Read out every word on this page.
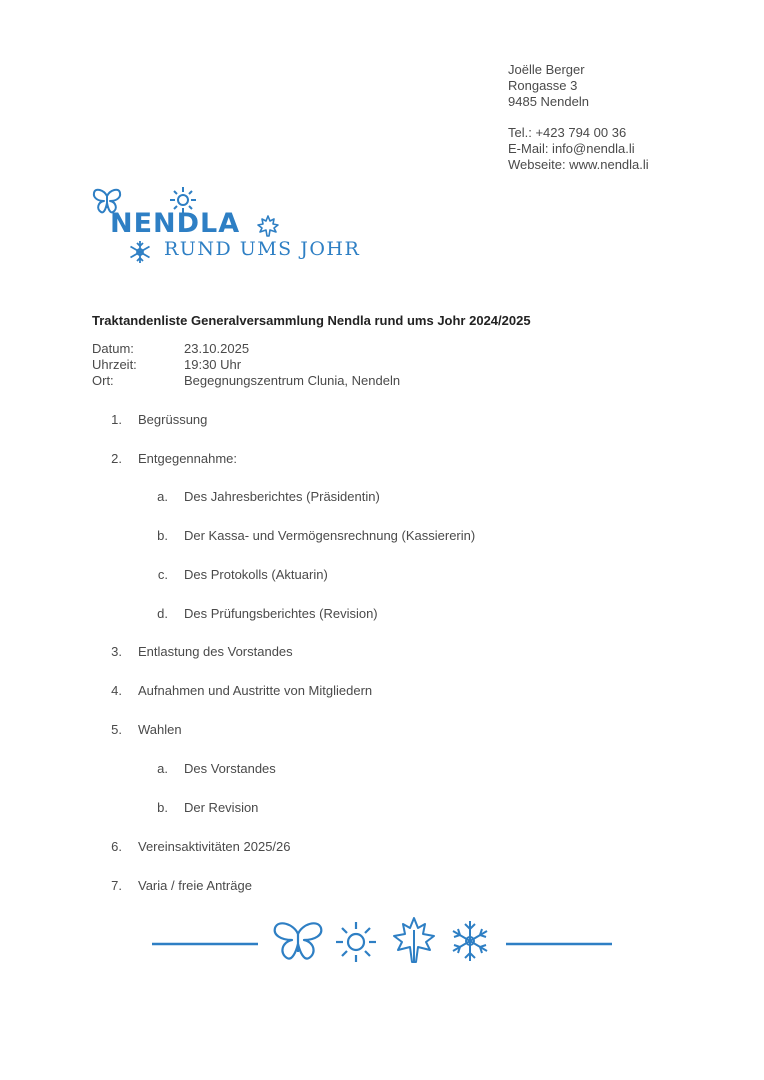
Joëlle Berger
Rongasse 3
9485 Nendeln
Tel.: +423 794 00 36
E-Mail: info@nendla.li
Webseite: www.nendla.li
NENDLA
RUND UMS JOHR
Traktandenliste Generalversammlung Nendla rund ums Johr 2024/2025
Datum:	23.10.2025
Uhrzeit:	19:30 Uhr
Ort:	Begegnungszentrum Clunia, Nendeln
1. Begrüssung
2. Entgegennahme:
a. Des Jahresberichtes (Präsidentin)
b. Der Kassa- und Vermögensrechnung (Kassiererin)
c. Des Protokolls (Aktuarin)
d. Des Prüfungsberichtes (Revision)
3. Entlastung des Vorstandes
4. Aufnahmen und Austritte von Mitgliedern
5. Wahlen
a. Des Vorstandes
b. Der Revision
6. Vereinsaktivitäten 2025/26
7. Varia / freie Anträge
